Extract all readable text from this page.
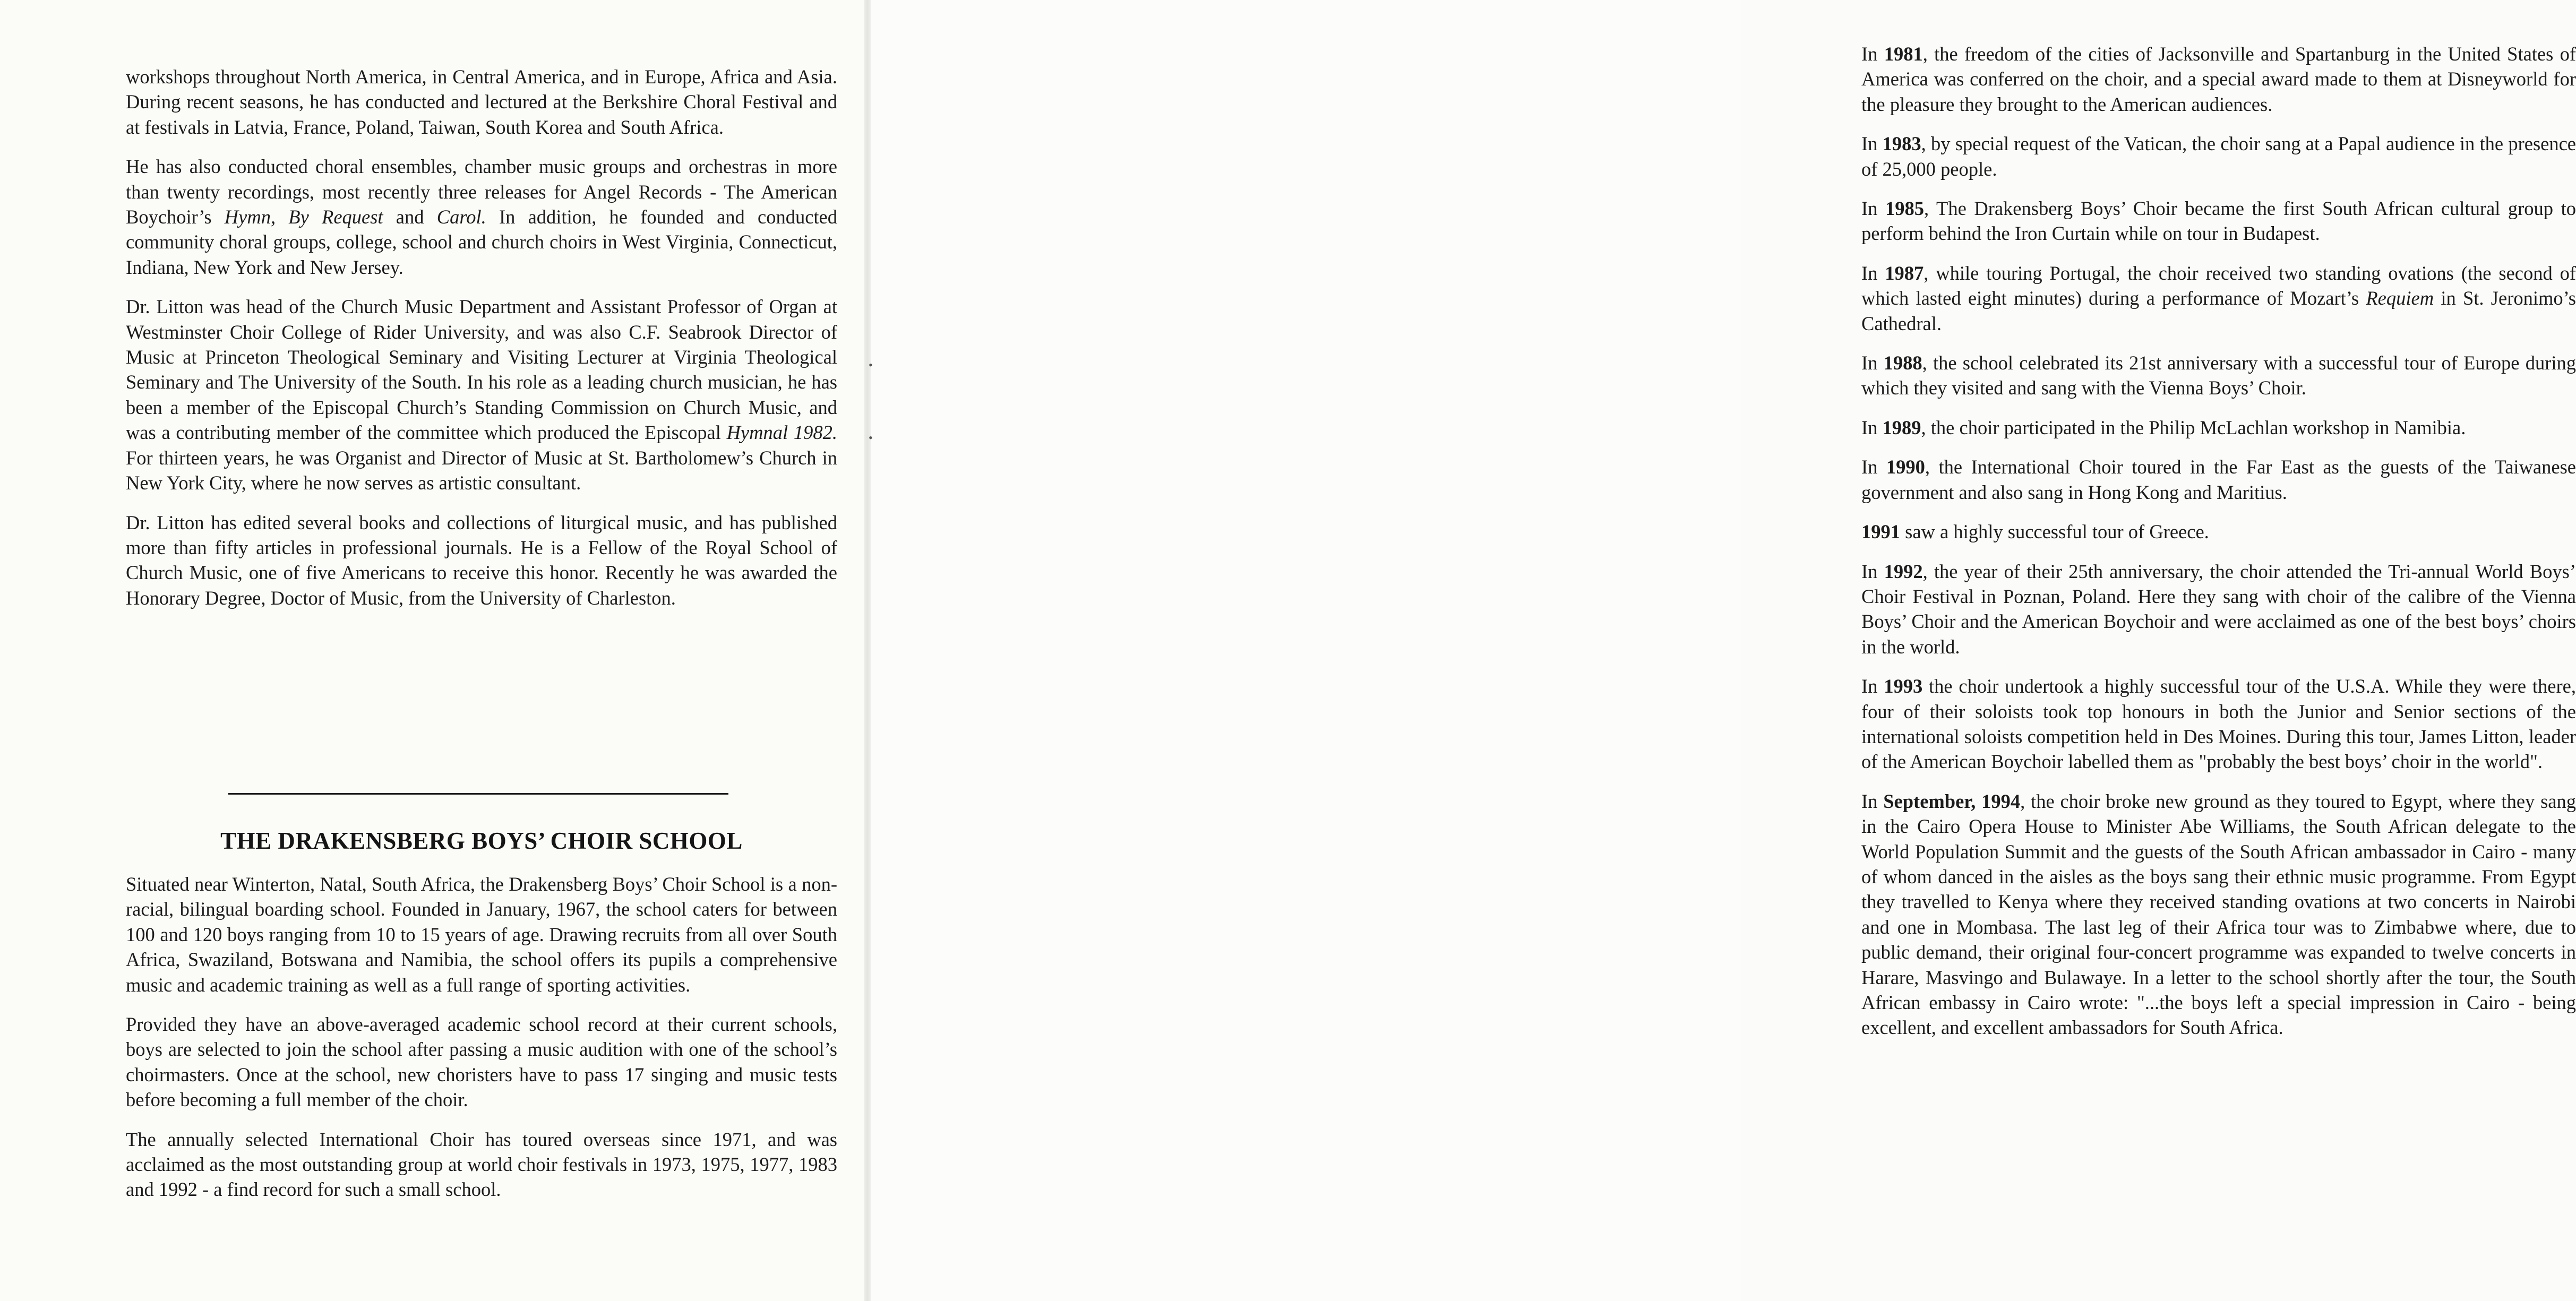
workshops throughout North America, in Central America, and in Europe, Africa and Asia. During recent seasons, he has conducted and lectured at the Berkshire Choral Festival and at festivals in Latvia, France, Poland, Taiwan, South Korea and South Africa.

He has also conducted choral ensembles, chamber music groups and orchestras in more than twenty recordings, most recently three releases for Angel Records - The American Boychoir’s Hymn, By Request and Carol. In addition, he founded and conducted community choral groups, college, school and church choirs in West Virginia, Connecticut, Indiana, New York and New Jersey.

Dr. Litton was head of the Church Music Department and Assistant Professor of Organ at Westminster Choir College of Rider University, and was also C.F. Seabrook Director of Music at Princeton Theological Seminary and Visiting Lecturer at Virginia Theological Seminary and The University of the South. In his role as a leading church musician, he has been a member of the Episcopal Church’s Standing Commission on Church Music, and was a contributing member of the committee which produced the Episcopal Hymnal 1982. For thirteen years, he was Organist and Director of Music at St. Bartholomew’s Church in New York City, where he now serves as artistic consultant.

Dr. Litton has edited several books and collections of liturgical music, and has published more than fifty articles in professional journals. He is a Fellow of the Royal School of Church Music, one of five Americans to receive this honor. Recently he was awarded the Honorary Degree, Doctor of Music, from the University of Charleston.

THE DRAKENSBERG BOYS’ CHOIR SCHOOL

Situated near Winterton, Natal, South Africa, the Drakensberg Boys’ Choir School is a non-racial, bilingual boarding school. Founded in January, 1967, the school caters for between 100 and 120 boys ranging from 10 to 15 years of age. Drawing recruits from all over South Africa, Swaziland, Botswana and Namibia, the school offers its pupils a comprehensive music and academic training as well as a full range of sporting activities.

Provided they have an above-averaged academic school record at their current schools, boys are selected to join the school after passing a music audition with one of the school’s choirmasters. Once at the school, new choristers have to pass 17 singing and music tests before becoming a full member of the choir.

The annually selected International Choir has toured overseas since 1971, and was acclaimed as the most outstanding group at world choir festivals in 1973, 1975, 1977, 1983 and 1992 - a find record for such a small school.

In 1981, the freedom of the cities of Jacksonville and Spartanburg in the United States of America was conferred on the choir, and a special award made to them at Disneyworld for the pleasure they brought to the American audiences.

In 1983, by special request of the Vatican, the choir sang at a Papal audience in the presence of 25,000 people.

In 1985, The Drakensberg Boys’ Choir became the first South African cultural group to perform behind the Iron Curtain while on tour in Budapest.

In 1987, while touring Portugal, the choir received two standing ovations (the second of which lasted eight minutes) during a performance of Mozart’s Requiem in St. Jeronimo’s Cathedral.

In 1988, the school celebrated its 21st anniversary with a successful tour of Europe during which they visited and sang with the Vienna Boys’ Choir.

In 1989, the choir participated in the Philip McLachlan workshop in Namibia.

In 1990, the International Choir toured in the Far East as the guests of the Taiwanese government and also sang in Hong Kong and Maritius.

1991 saw a highly successful tour of Greece.

In 1992, the year of their 25th anniversary, the choir attended the Tri-annual World Boys’ Choir Festival in Poznan, Poland. Here they sang with choir of the calibre of the Vienna Boys’ Choir and the American Boychoir and were acclaimed as one of the best boys’ choirs in the world.

In 1993 the choir undertook a highly successful tour of the U.S.A. While they were there, four of their soloists took top honours in both the Junior and Senior sections of the international soloists competition held in Des Moines. During this tour, James Litton, leader of the American Boychoir labelled them as "probably the best boys’ choir in the world".

In September, 1994, the choir broke new ground as they toured to Egypt, where they sang in the Cairo Opera House to Minister Abe Williams, the South African delegate to the World Population Summit and the guests of the South African ambassador in Cairo - many of whom danced in the aisles as the boys sang their ethnic music programme. From Egypt they travelled to Kenya where they received standing ovations at two concerts in Nairobi and one in Mombasa. The last leg of their Africa tour was to Zimbabwe where, due to public demand, their original four-concert programme was expanded to twelve concerts in Harare, Masvingo and Bulawaye. In a letter to the school shortly after the tour, the South African embassy in Cairo wrote: "...the boys left a special impression in Cairo - being excellent, and excellent ambassadors for South Africa.

•
•
